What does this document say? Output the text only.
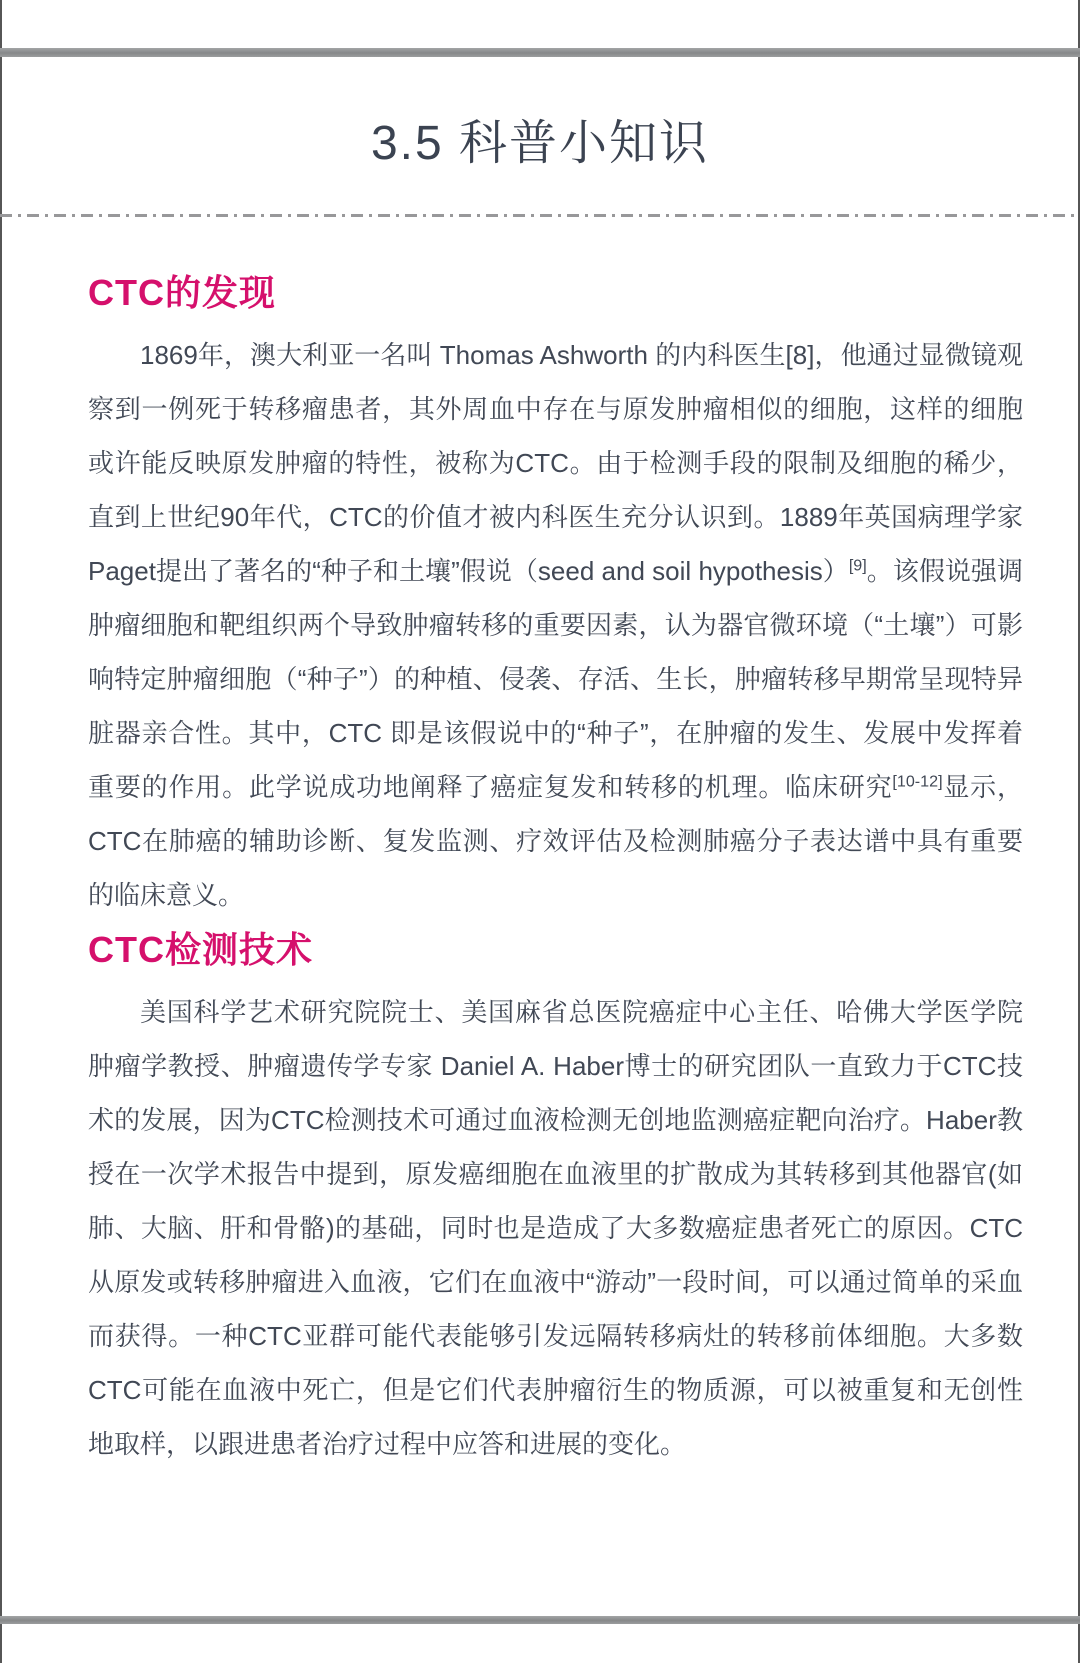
3.5 科普小知识
CTC的发现

1869年，澳大利亚一名叫 Thomas Ashworth 的内科医生[8]，他通过显微镜观察到一例死于转移瘤患者，其外周血中存在与原发肿瘤相似的细胞，这样的细胞或许能反映原发肿瘤的特性，被称为CTC。由于检测手段的限制及细胞的稀少，直到上世纪90年代，CTC的价值才被内科医生充分认识到。1889年英国病理学家Paget提出了著名的“种子和土壤”假说（seed and soil hypothesis）[9]。该假说强调肿瘤细胞和靶组织两个导致肿瘤转移的重要因素，认为器官微环境（“土壤”）可影响特定肿瘤细胞（“种子”）的种植、侵袭、存活、生长，肿瘤转移早期常呈现特异脏器亲合性。其中，CTC 即是该假说中的“种子”，在肿瘤的发生、发展中发挥着重要的作用。此学说成功地阐释了癌症复发和转移的机理。临床研究[10-12]显示，CTC在肺癌的辅助诊断、复发监测、疗效评估及检测肺癌分子表达谱中具有重要的临床意义。

CTC检测技术

美国科学艺术研究院院士、美国麻省总医院癌症中心主任、哈佛大学医学院肿瘤学教授、肿瘤遗传学专家 Daniel A. Haber博士的研究团队一直致力于CTC技术的发展，因为CTC检测技术可通过血液检测无创地监测癌症靶向治疗。Haber教授在一次学术报告中提到，原发癌细胞在血液里的扩散成为其转移到其他器官(如肺、大脑、肝和骨骼)的基础，同时也是造成了大多数癌症患者死亡的原因。CTC从原发或转移肿瘤进入血液，它们在血液中“游动”一段时间，可以通过简单的采血而获得。一种CTC亚群可能代表能够引发远隔转移病灶的转移前体细胞。大多数CTC可能在血液中死亡，但是它们代表肿瘤衍生的物质源，可以被重复和无创性地取样，以跟进患者治疗过程中应答和进展的变化。
